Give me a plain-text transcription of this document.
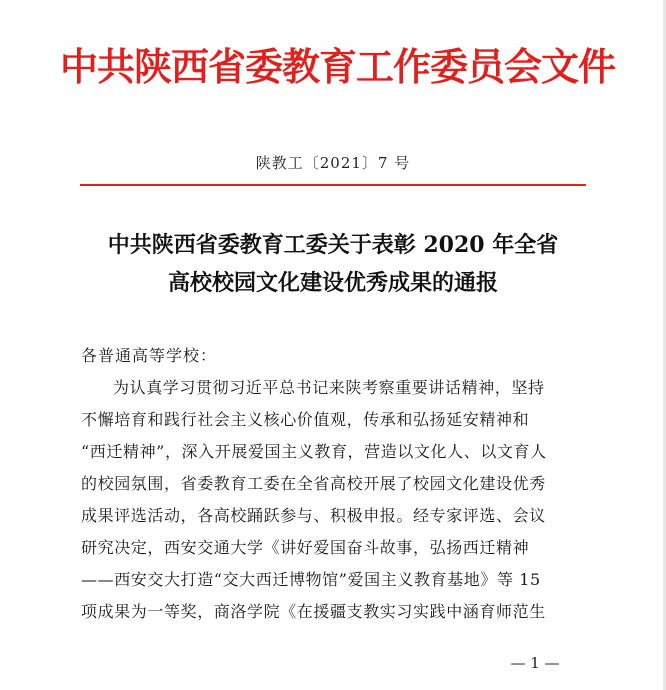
中共陕西省委教育工作委员会文件
陕教工〔2021〕7 号
中共陕西省委教育工委关于表彰 2020 年全省
高校校园文化建设优秀成果的通报
各普通高等学校：
为认真学习贯彻习近平总书记来陕考察重要讲话精神，坚持
不懈培育和践行社会主义核心价值观，传承和弘扬延安精神和
“西迁精神”，深入开展爱国主义教育，营造以文化人、以文育人
的校园氛围，省委教育工委在全省高校开展了校园文化建设优秀
成果评选活动，各高校踊跃参与、积极申报。经专家评选、会议
研究决定，西安交通大学《讲好爱国奋斗故事，弘扬西迁精神
——西安交大打造“交大西迁博物馆”爱国主义教育基地》等 15
项成果为一等奖，商洛学院《在援疆支教实习实践中涵育师范生
— 1 —
